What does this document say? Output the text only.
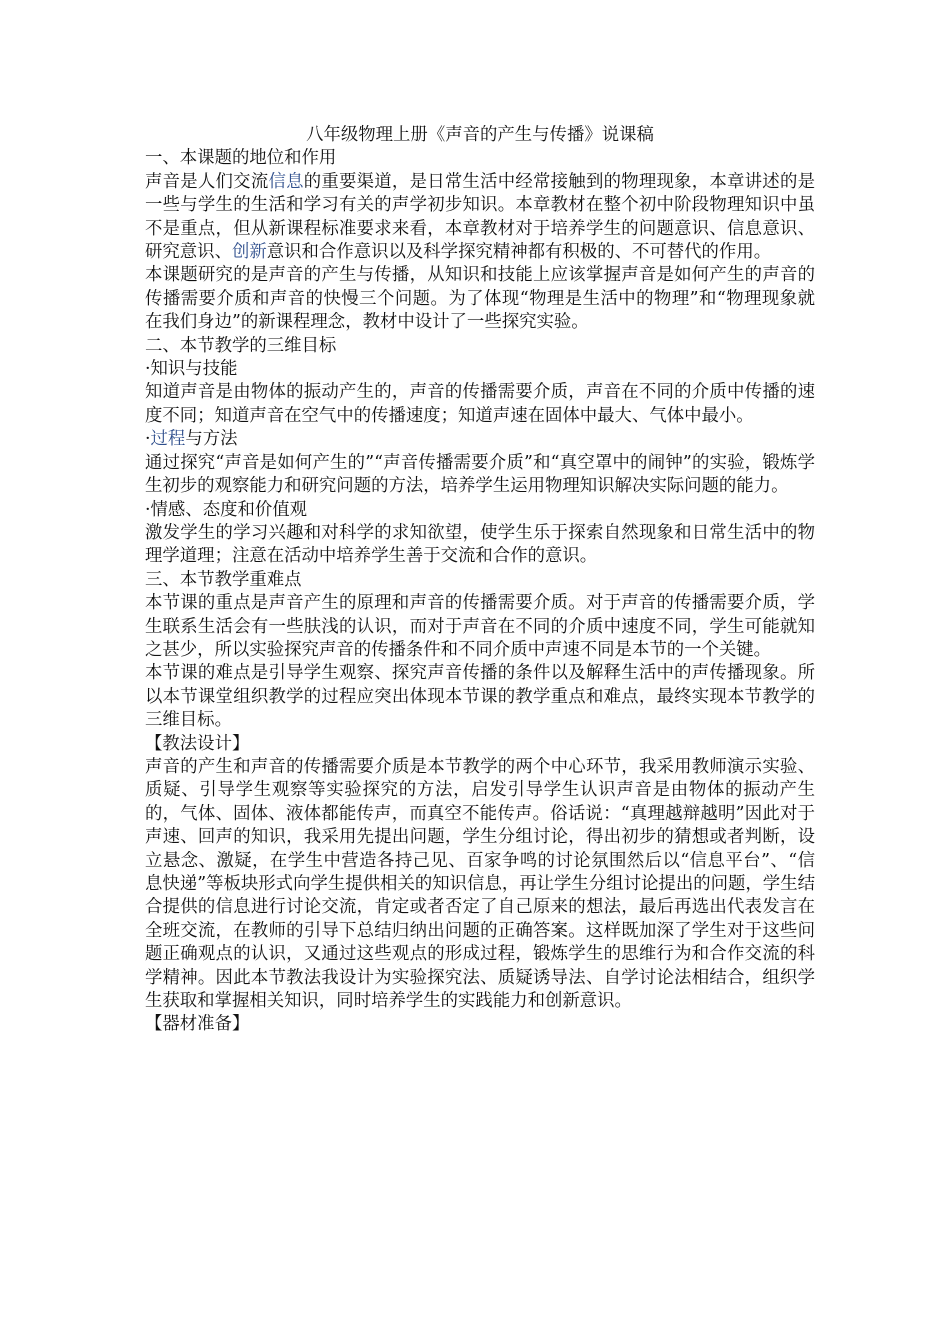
八年级物理上册《声音的产生与传播》说课稿

一、本课题的地位和作用

声音是人们交流信息的重要渠道，是日常生活中经常接触到的物理现象，本章讲述的是一些与学生的生活和学习有关的声学初步知识。本章教材在整个初中阶段物理知识中虽不是重点，但从新课程标准要求来看，本章教材对于培养学生的问题意识、信息意识、研究意识、创新意识和合作意识以及科学探究精神都有积极的、不可替代的作用。

本课题研究的是声音的产生与传播，从知识和技能上应该掌握声音是如何产生的声音的传播需要介质和声音的快慢三个问题。为了体现“物理是生活中的物理”和“物理现象就在我们身边”的新课程理念，教材中设计了一些探究实验。

二、本节教学的三维目标

·知识与技能

知道声音是由物体的振动产生的，声音的传播需要介质，声音在不同的介质中传播的速度不同；知道声音在空气中的传播速度；知道声速在固体中最大、气体中最小。

·过程与方法

通过探究“声音是如何产生的”“声音传播需要介质”和“真空罩中的闹钟”的实验，锻炼学生初步的观察能力和研究问题的方法，培养学生运用物理知识解决实际问题的能力。

·情感、态度和价值观

激发学生的学习兴趣和对科学的求知欲望，使学生乐于探索自然现象和日常生活中的物理学道理；注意在活动中培养学生善于交流和合作的意识。

三、本节教学重难点

本节课的重点是声音产生的原理和声音的传播需要介质。对于声音的传播需要介质，学生联系生活会有一些肤浅的认识，而对于声音在不同的介质中速度不同，学生可能就知之甚少，所以实验探究声音的传播条件和不同介质中声速不同是本节的一个关键。

本节课的难点是引导学生观察、探究声音传播的条件以及解释生活中的声传播现象。所以本节课堂组织教学的过程应突出体现本节课的教学重点和难点，最终实现本节教学的三维目标。

【教法设计】

声音的产生和声音的传播需要介质是本节教学的两个中心环节，我采用教师演示实验、质疑、引导学生观察等实验探究的方法，启发引导学生认识声音是由物体的振动产生的，气体、固体、液体都能传声，而真空不能传声。俗话说：“真理越辩越明”因此对于声速、回声的知识，我采用先提出问题，学生分组讨论，得出初步的猜想或者判断，设立悬念、激疑，在学生中营造各持己见、百家争鸣的讨论氛围然后以“信息平台”、“信息快递”等板块形式向学生提供相关的知识信息，再让学生分组讨论提出的问题，学生结合提供的信息进行讨论交流，肯定或者否定了自己原来的想法，最后再选出代表发言在全班交流，在教师的引导下总结归纳出问题的正确答案。这样既加深了学生对于这些问题正确观点的认识，又通过这些观点的形成过程，锻炼学生的思维行为和合作交流的科学精神。因此本节教法我设计为实验探究法、质疑诱导法、自学讨论法相结合，组织学生获取和掌握相关知识，同时培养学生的实践能力和创新意识。

【器材准备】
